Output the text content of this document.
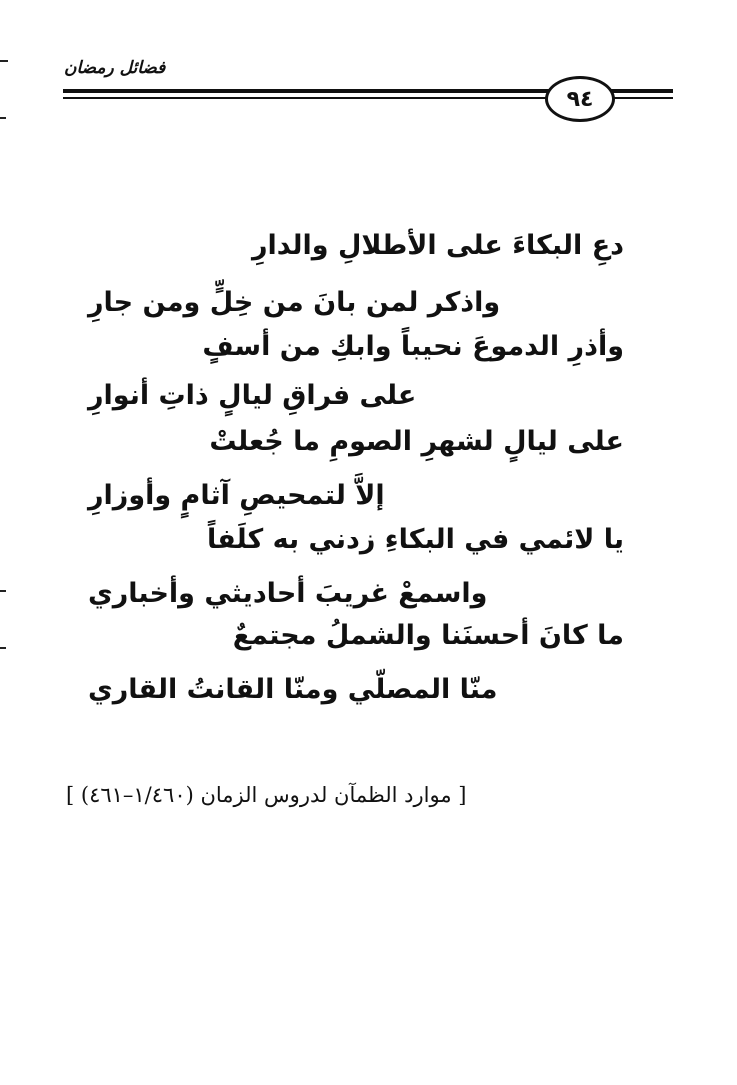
فضائل رمضان
٩٤
دعِ البكاءَ على الأطلالِ والدارِ
واذكر لمن بانَ من خِلٍّ ومن جارِ
وأذرِ الدموعَ نحيباً وابكِ من أسفٍ
على فراقِ ليالٍ ذاتِ أنوارِ
على ليالٍ لشهرِ الصومِ ما جُعلتْ
إلاَّ لتمحيصِ آثامٍ وأوزارِ
يا لائمي في البكاءِ زدني به كلَفاً
واسمعْ غريبَ أحاديثي وأخباري
ما كانَ أحسنَنا والشملُ مجتمعٌ
منّا المصلّي ومنّا القانتُ القاري
[ موارد الظمآن لدروس الزمان (١/٤٦٠–٤٦١) ]
